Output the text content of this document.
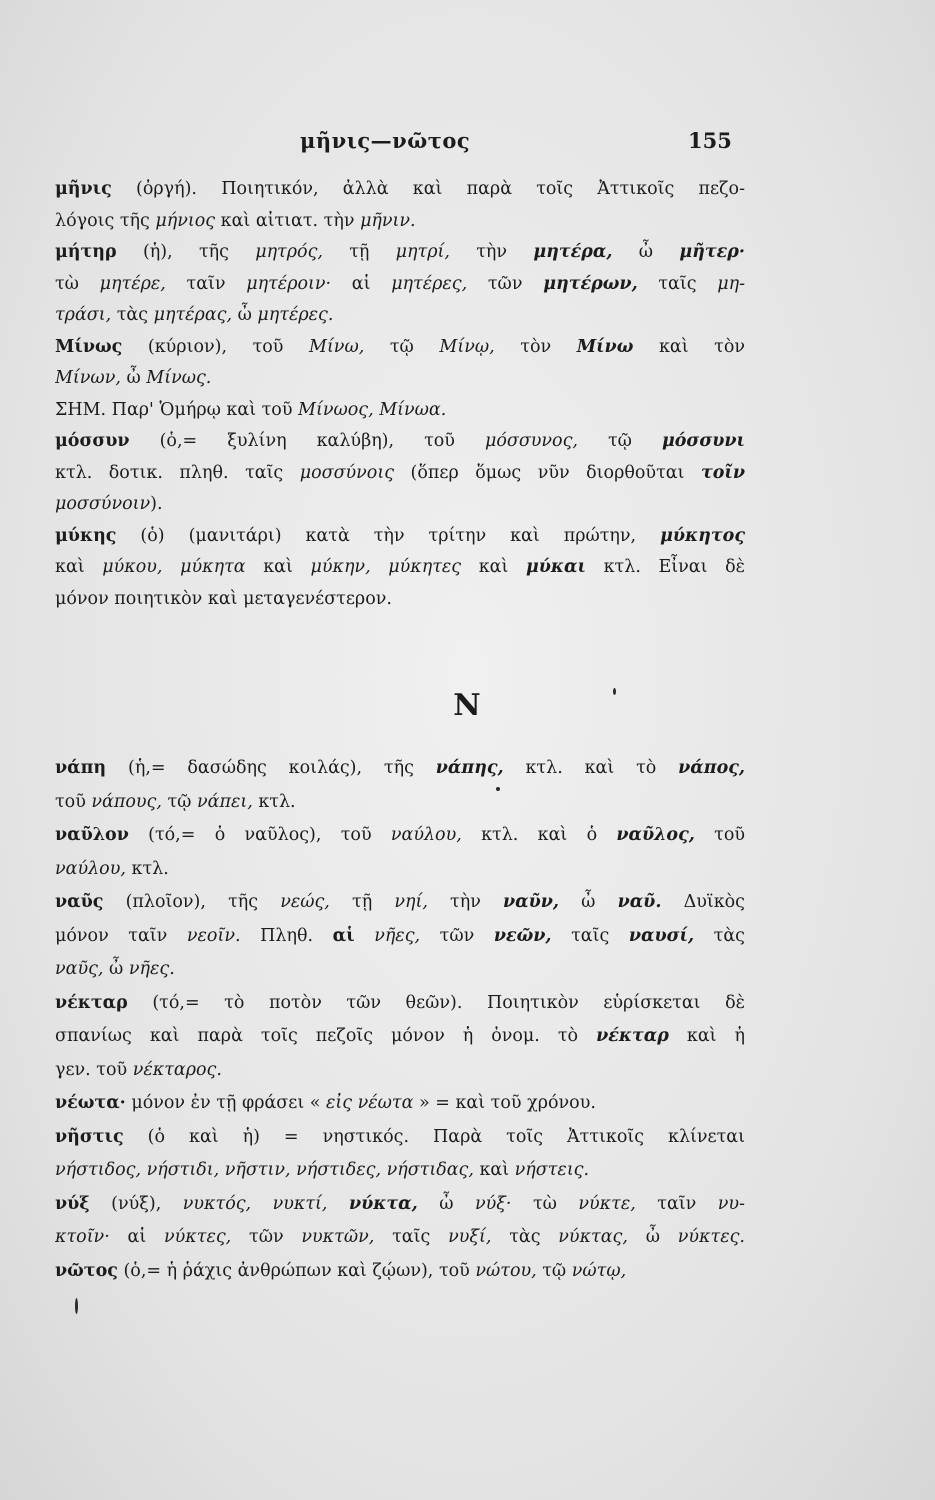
μῆνις—νῶτος	155
μῆνις (ὀργή). Ποιητικόν, ἀλλὰ καὶ παρὰ τοῖς Ἀττικοῖς πεζο-
λόγοις τῆς μήνιος καὶ αἰτιατ. τὴν μῆνιν.
μήτηρ (ἡ), τῆς μητρός, τῇ μητρί, τὴν μητέρα, ὦ μῆτερ·
τὼ μητέρε, ταῖν μητέροιν· αἱ μητέρες, τῶν μητέρων, ταῖς μη-
τράσι, τὰς μητέρας, ὦ μητέρες.
Μίνως (κύριον), τοῦ Μίνω, τῷ Μίνῳ, τὸν Μίνω καὶ τὸν
Μίνων, ὦ Μίνως.
ΣΗΜ. Παρ' Ὁμήρῳ καὶ τοῦ Μίνωος, Μίνωα.
μόσσυν (ὁ,= ξυλίνη καλύβη), τοῦ μόσσυνος, τῷ μόσσυνι
κτλ. δοτικ. πληθ. ταῖς μοσσύνοις (ὅπερ ὅμως νῦν διορθοῦται τοῖν
μοσσύνοιν).
μύκης (ὁ) (μανιτάρι) κατὰ τὴν τρίτην καὶ πρώτην, μύκητος
καὶ μύκου, μύκητα καὶ μύκην, μύκητες καὶ μύκαι κτλ. Εἶναι δὲ
μόνον ποιητικὸν καὶ μεταγενέστερον.
Ν
νάπη (ἡ,= δασώδης κοιλάς), τῆς νάπης, κτλ. καὶ τὸ νάπος,
τοῦ νάπους, τῷ νάπει, κτλ.
ναῦλον (τό,= ὁ ναῦλος), τοῦ ναύλου, κτλ. καὶ ὁ ναῦλος, τοῦ
ναύλου, κτλ.
ναῦς (πλοῖον), τῆς νεώς, τῇ νηί, τὴν ναῦν, ὦ ναῦ. Δυϊκὸς
μόνον ταῖν νεοῖν. Πληθ. αἱ νῆες, τῶν νεῶν, ταῖς ναυσί, τὰς
ναῦς, ὦ νῆες.
νέκταρ (τό,= τὸ ποτὸν τῶν θεῶν). Ποιητικὸν εὑρίσκεται δὲ
σπανίως καὶ παρὰ τοῖς πεζοῖς μόνον ἡ ὀνομ. τὸ νέκταρ καὶ ἡ
γεν. τοῦ νέκταρος.
νέωτα· μόνον ἐν τῇ φράσει « εἰς νέωτα » = καὶ τοῦ χρόνου.
νῆστις (ὁ καὶ ἡ) = νηστικός. Παρὰ τοῖς Ἀττικοῖς κλίνεται
νήστιδος, νήστιδι, νῆστιν, νήστιδες, νήστιδας, καὶ νήστεις.
νύξ (νύξ), νυκτός, νυκτί, νύκτα, ὦ νύξ· τὼ νύκτε, ταῖν νυ-
κτοῖν· αἱ νύκτες, τῶν νυκτῶν, ταῖς νυξί, τὰς νύκτας, ὦ νύκτες.
νῶτος (ὁ,= ἡ ῥάχις ἀνθρώπων καὶ ζῴων), τοῦ νώτου, τῷ νώτῳ,
